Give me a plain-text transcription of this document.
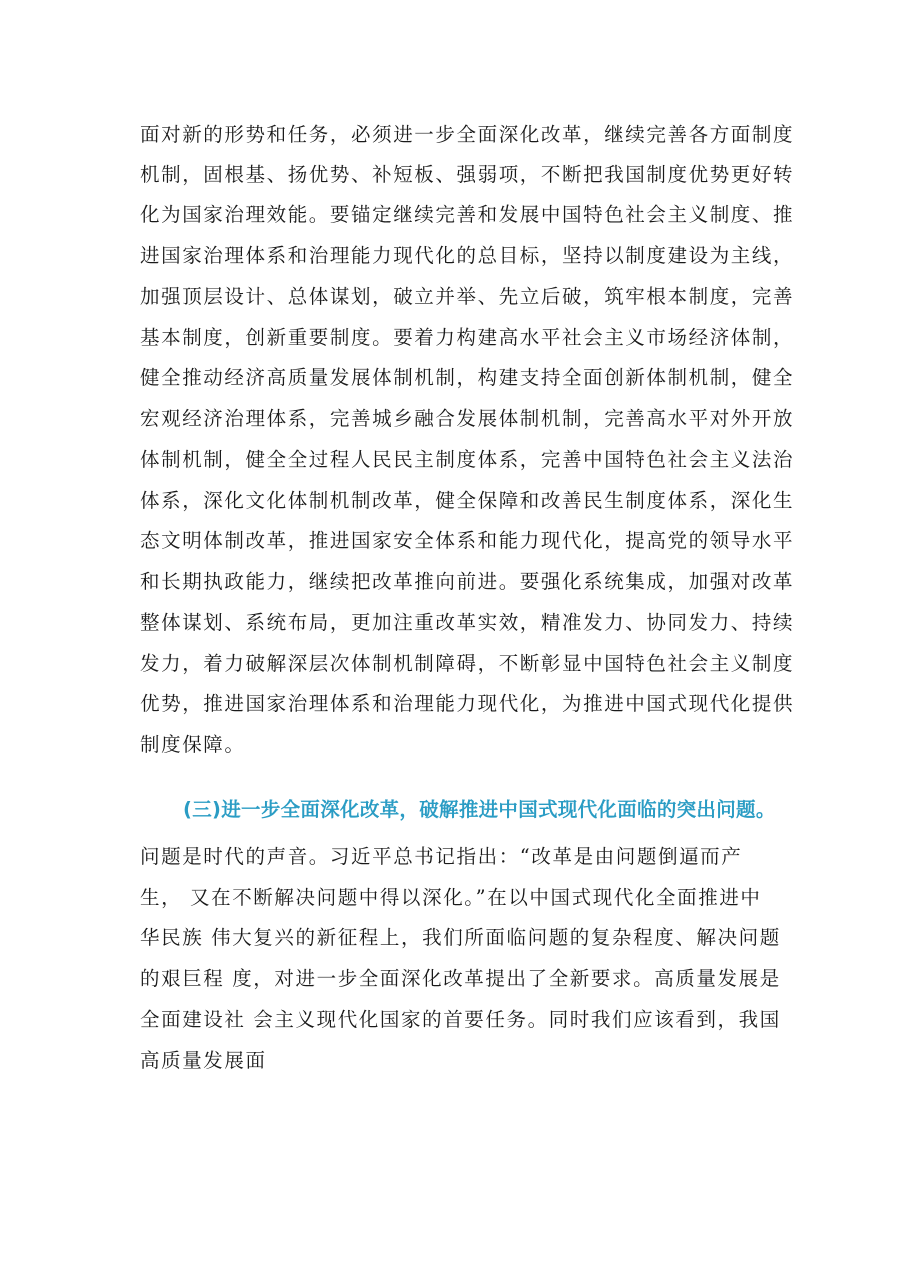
面对新的形势和任务，必须进一步全面深化改革，继续完善各方面制度
机制，固根基、扬优势、补短板、强弱项，不断把我国制度优势更好转
化为国家治理效能。要锚定继续完善和发展中国特色社会主义制度、推
进国家治理体系和治理能力现代化的总目标，坚持以制度建设为主线，
加强顶层设计、总体谋划，破立并举、先立后破，筑牢根本制度，完善
基本制度，创新重要制度。要着力构建高水平社会主义市场经济体制，
健全推动经济高质量发展体制机制，构建支持全面创新体制机制，健全
宏观经济治理体系，完善城乡融合发展体制机制，完善高水平对外开放
体制机制，健全全过程人民民主制度体系，完善中国特色社会主义法治
体系，深化文化体制机制改革，健全保障和改善民生制度体系，深化生
态文明体制改革，推进国家安全体系和能力现代化，提高党的领导水平
和长期执政能力，继续把改革推向前进。要强化系统集成，加强对改革
整体谋划、系统布局，更加注重改革实效，精准发力、协同发力、持续
发力，着力破解深层次体制机制障碍，不断彰显中国特色社会主义制度
优势，推进国家治理体系和治理能力现代化，为推进中国式现代化提供
制度保障。
(三)进一步全面深化改革，破解推进中国式现代化面临的突出问题。
问题是时代的声音。习近平总书记指出：“改革是由问题倒逼而产
生， 又在不断解决问题中得以深化。”在以中国式现代化全面推进中
华民族 伟大复兴的新征程上，我们所面临问题的复杂程度、解决问题
的艰巨程 度，对进一步全面深化改革提出了全新要求。高质量发展是
全面建设社 会主义现代化国家的首要任务。同时我们应该看到，我国
高质量发展面
